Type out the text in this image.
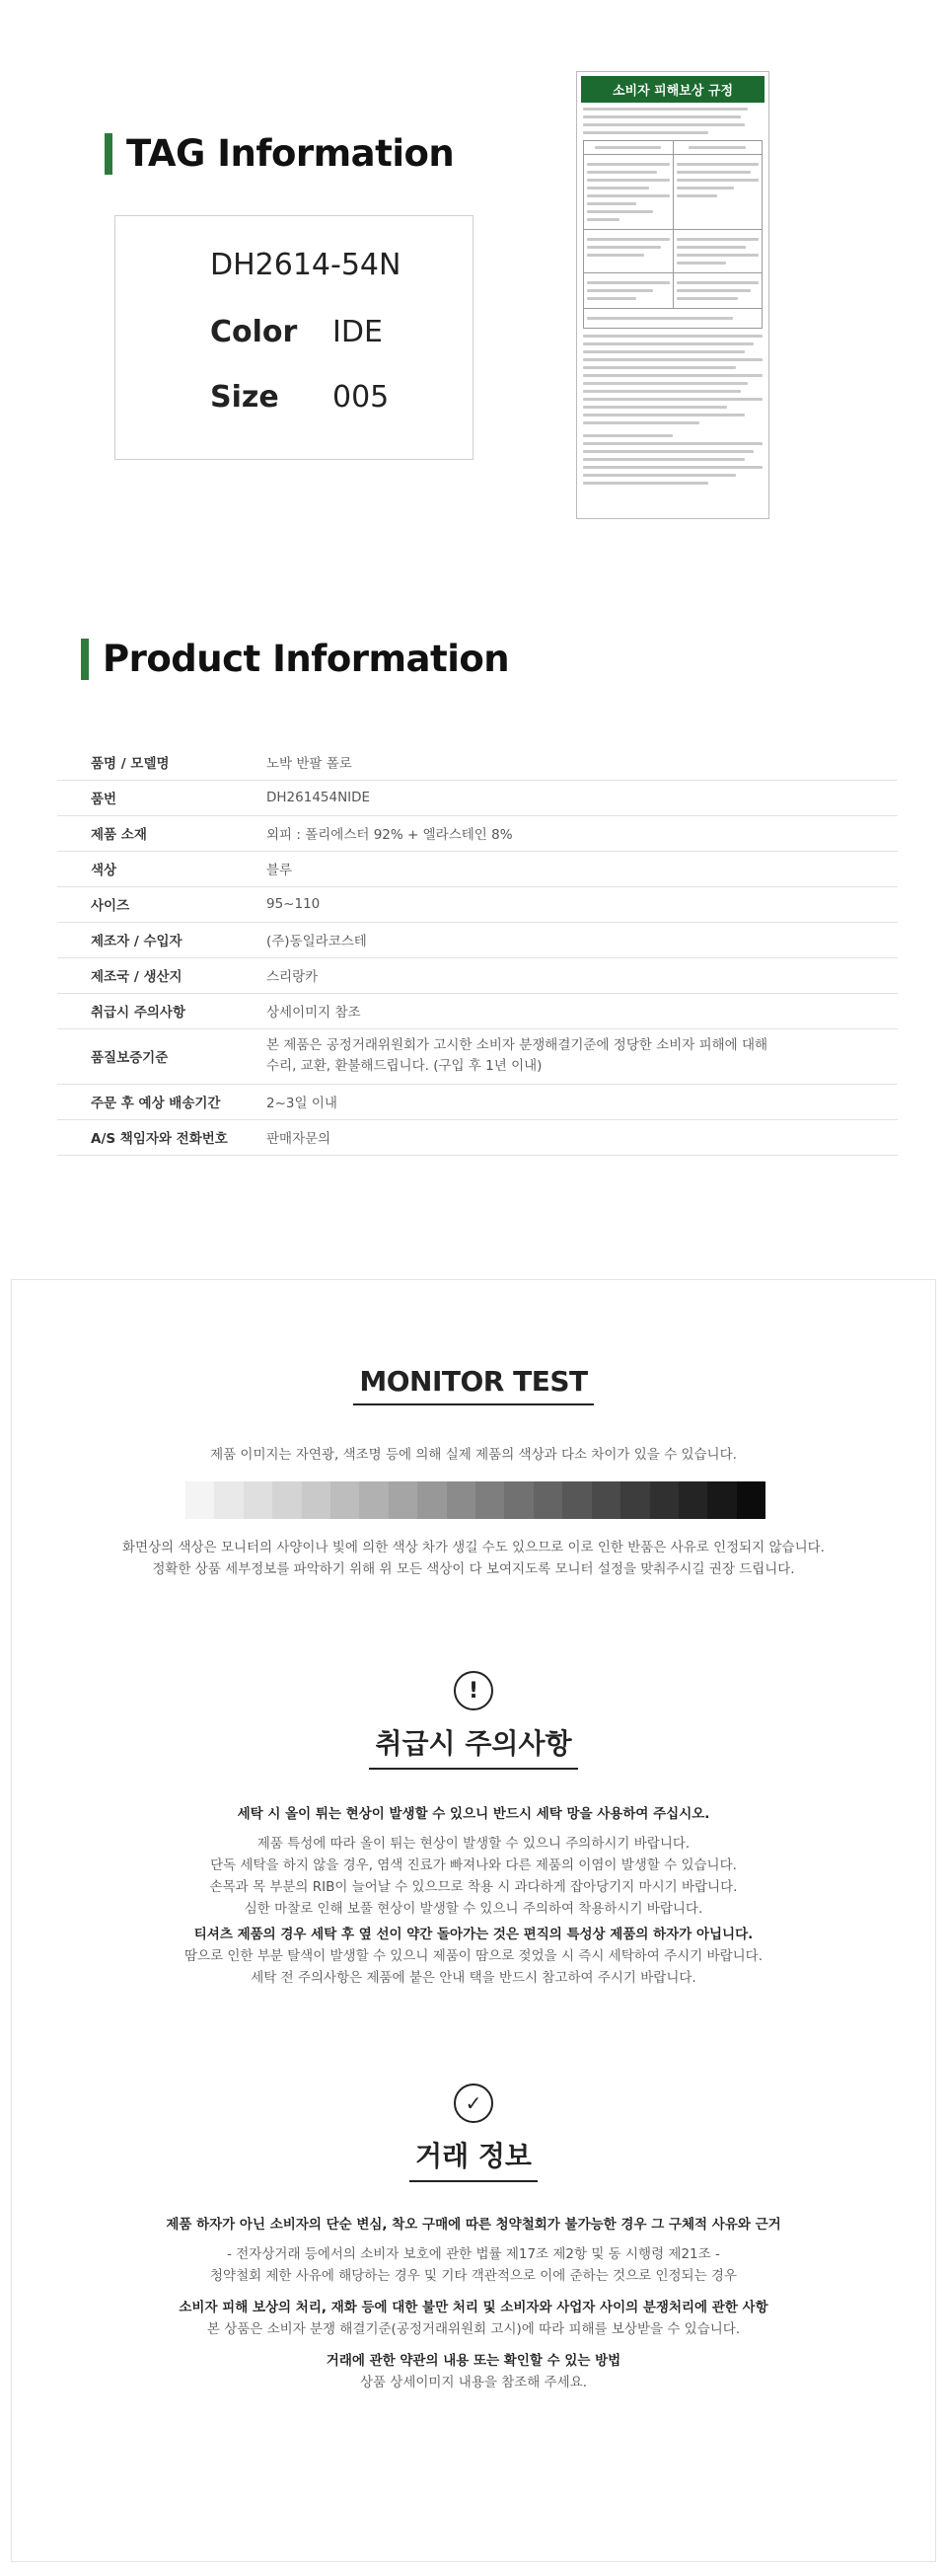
TAG Information
DH2614-54N
Color	IDE
Size	005
소비자 피해보상 규정
Product Information
품명 / 모델명	노박 반팔 폴로
품번	DH261454NIDE
제품 소재	외피 : 폴리에스터 92% + 엘라스테인 8%
색상	블루
사이즈	95~110
제조자 / 수입자	(주)동일라코스테
제조국 / 생산지	스리랑카
취급시 주의사항	상세이미지 참조
품질보증기준	본 제품은 공정거래위원회가 고시한 소비자 분쟁해결기준에 정당한 소비자 피해에 대해
수리, 교환, 환불해드립니다. (구입 후 1년 이내)

주문 후 예상 배송기간	2~3일 이내
A/S 책임자와 전화번호	판매자문의
MONITOR TEST
제품 이미지는 자연광, 색조명 등에 의해 실제 제품의 색상과 다소 차이가 있을 수 있습니다.
화면상의 색상은 모니터의 사양이나 빛에 의한 색상 차가 생길 수도 있으므로 이로 인한 반품은 사유로 인정되지 않습니다.
정확한 상품 세부정보를 파악하기 위해 위 모든 색상이 다 보여지도록 모니터 설정을 맞춰주시길 권장 드립니다.
!
취급시 주의사항
세탁 시 올이 튀는 현상이 발생할 수 있으니 반드시 세탁 망을 사용하여 주십시오.
제품 특성에 따라 올이 튀는 현상이 발생할 수 있으니 주의하시기 바랍니다.
단독 세탁을 하지 않을 경우, 염색 진료가 빠져나와 다른 제품의 이염이 발생할 수 있습니다.
손목과 목 부분의 RIB이 늘어날 수 있으므로 착용 시 과다하게 잡아당기지 마시기 바랍니다.
심한 마찰로 인해 보풀 현상이 발생할 수 있으니 주의하여 착용하시기 바랍니다.
티셔츠 제품의 경우 세탁 후 옆 선이 약간 돌아가는 것은 편직의 특성상 제품의 하자가 아닙니다.
땀으로 인한 부분 탈색이 발생할 수 있으니 제품이 땀으로 젖었을 시 즉시 세탁하여 주시기 바랍니다.
세탁 전 주의사항은 제품에 붙은 안내 택을 반드시 참고하여 주시기 바랍니다.
✓
거래 정보
제품 하자가 아닌 소비자의 단순 변심, 착오 구매에 따른 청약철회가 불가능한 경우 그 구체적 사유와 근거
- 전자상거래 등에서의 소비자 보호에 관한 법률 제17조 제2항 및 동 시행령 제21조 -
청약철회 제한 사유에 해당하는 경우 및 기타 객관적으로 이에 준하는 것으로 인정되는 경우
소비자 피해 보상의 처리, 재화 등에 대한 불만 처리 및 소비자와 사업자 사이의 분쟁처리에 관한 사항
본 상품은 소비자 분쟁 해결기준(공정거래위원회 고시)에 따라 피해를 보상받을 수 있습니다.
거래에 관한 약관의 내용 또는 확인할 수 있는 방법
상품 상세이미지 내용을 참조해 주세요.
